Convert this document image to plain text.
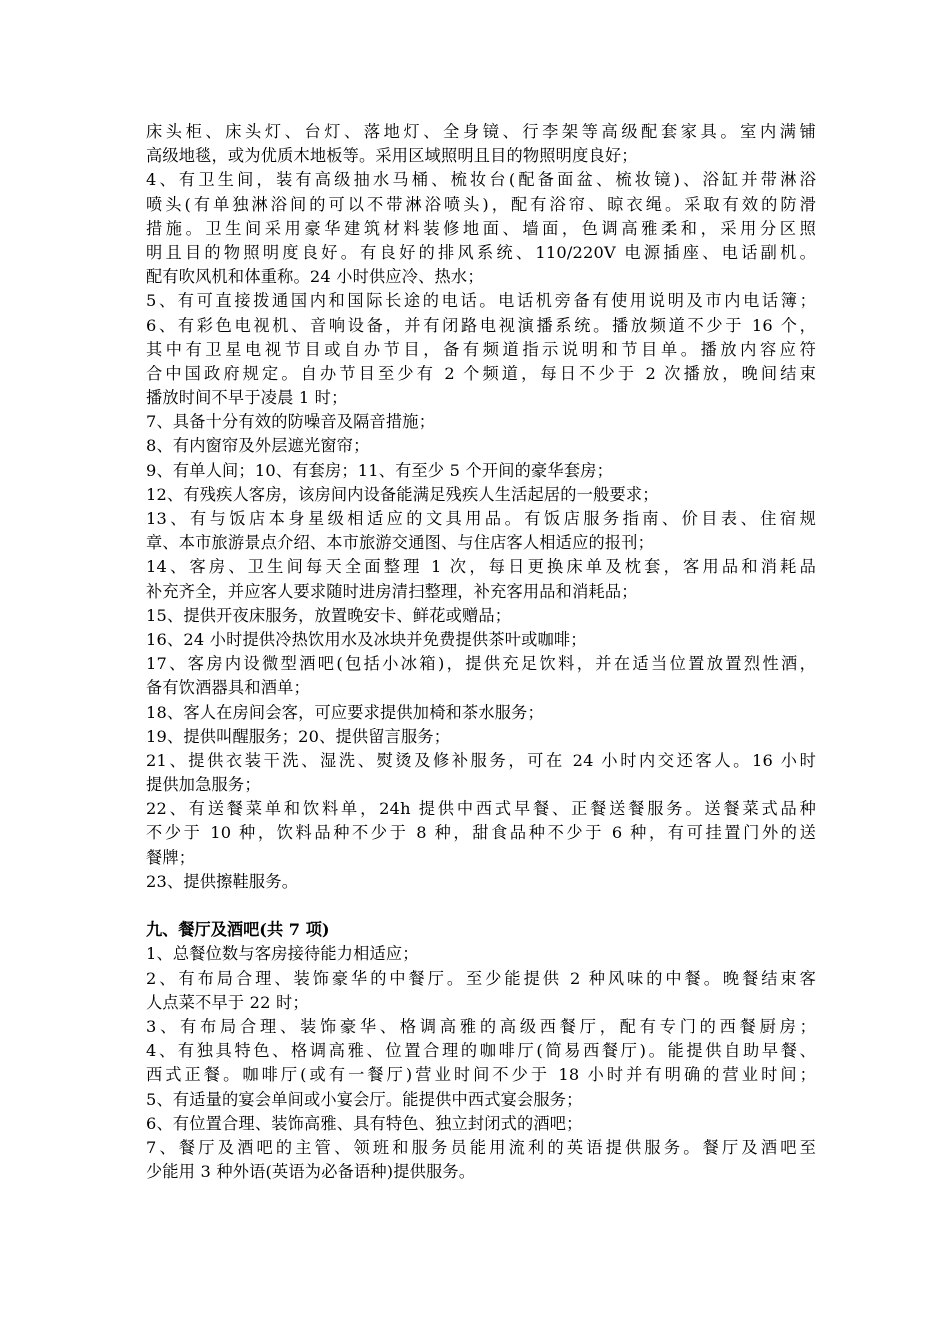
床头柜、床头灯、台灯、落地灯、全身镜、行李架等高级配套家具。室内满铺
高级地毯，或为优质木地板等。采用区域照明且目的物照明度良好；
4、有卫生间，装有高级抽水马桶、梳妆台(配备面盆、梳妆镜)、浴缸并带淋浴
喷头(有单独淋浴间的可以不带淋浴喷头)，配有浴帘、晾衣绳。采取有效的防滑
措施。卫生间采用豪华建筑材料装修地面、墙面，色调高雅柔和，采用分区照
明且目的物照明度良好。有良好的排风系统、110/220V 电源插座、电话副机。
配有吹风机和体重称。24 小时供应冷、热水；
5、有可直接拨通国内和国际长途的电话。电话机旁备有使用说明及市内电话簿；
6、有彩色电视机、音响设备，并有闭路电视演播系统。播放频道不少于 16 个，
其中有卫星电视节目或自办节目，备有频道指示说明和节目单。播放内容应符
合中国政府规定。自办节目至少有 2 个频道，每日不少于 2 次播放，晚间结束
播放时间不早于凌晨 1 时；
7、具备十分有效的防噪音及隔音措施；
8、有内窗帘及外层遮光窗帘；
9、有单人间；10、有套房；11、有至少 5 个开间的豪华套房；
12、有残疾人客房，该房间内设备能满足残疾人生活起居的一般要求；
13、有与饭店本身星级相适应的文具用品。有饭店服务指南、价目表、住宿规
章、本市旅游景点介绍、本市旅游交通图、与住店客人相适应的报刊；
14、客房、卫生间每天全面整理 1 次，每日更换床单及枕套，客用品和消耗品
补充齐全，并应客人要求随时进房清扫整理，补充客用品和消耗品；
15、提供开夜床服务，放置晚安卡、鲜花或赠品；
16、24 小时提供冷热饮用水及冰块并免费提供茶叶或咖啡；
17、客房内设微型酒吧(包括小冰箱)，提供充足饮料，并在适当位置放置烈性酒，
备有饮酒器具和酒单；
18、客人在房间会客，可应要求提供加椅和茶水服务；
19、提供叫醒服务；20、提供留言服务；
21、提供衣装干洗、湿洗、熨烫及修补服务，可在 24 小时内交还客人。16 小时
提供加急服务；
22、有送餐菜单和饮料单，24h 提供中西式早餐、正餐送餐服务。送餐菜式品种
不少于 10 种，饮料品种不少于 8 种，甜食品种不少于 6 种，有可挂置门外的送
餐牌；
23、提供擦鞋服务。
九、餐厅及酒吧(共 7 项)
1、总餐位数与客房接待能力相适应；
2、有布局合理、装饰豪华的中餐厅。至少能提供 2 种风味的中餐。晚餐结束客
人点菜不早于 22 时；
3、有布局合理、装饰豪华、格调高雅的高级西餐厅，配有专门的西餐厨房；
4、有独具特色、格调高雅、位置合理的咖啡厅(简易西餐厅)。能提供自助早餐、
西式正餐。咖啡厅(或有一餐厅)营业时间不少于 18 小时并有明确的营业时间；
5、有适量的宴会单间或小宴会厅。能提供中西式宴会服务；
6、有位置合理、装饰高雅、具有特色、独立封闭式的酒吧；
7、餐厅及酒吧的主管、领班和服务员能用流利的英语提供服务。餐厅及酒吧至
少能用 3 种外语(英语为必备语种)提供服务。
